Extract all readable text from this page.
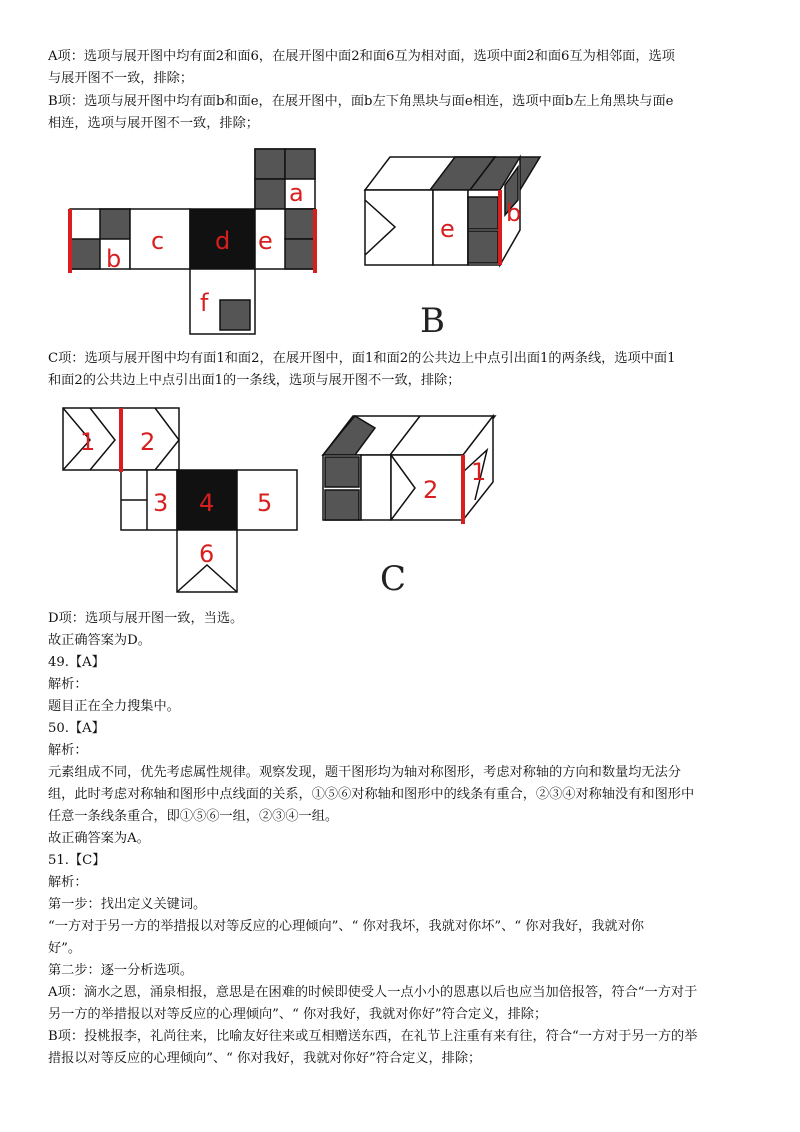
A项：选项与展开图中均有面2和面6，在展开图中面2和面6互为相对面，选项中面2和面6互为相邻面，选项
与展开图不一致，排除；
B项：选项与展开图中均有面b和面e，在展开图中，面b左下角黑块与面e相连，选项中面b左上角黑块与面e
相连，选项与展开图不一致，排除；
a
b
c d e
f
e
b
B
C项：选项与展开图中均有面1和面2，在展开图中，面1和面2的公共边上中点引出面1的两条线，选项中面1
和面2的公共边上中点引出面1的一条线，选项与展开图不一致，排除；
1 2
3 4 5
6
2
1
C
D项：选项与展开图一致，当选。
故正确答案为D。
49.【A】
解析：
题目正在全力搜集中。
50.【A】
解析：
元素组成不同，优先考虑属性规律。观察发现，题干图形均为轴对称图形，考虑对称轴的方向和数量均无法分
组，此时考虑对称轴和图形中点线面的关系，①⑤⑥对称轴和图形中的线条有重合，②③④对称轴没有和图形中
任意一条线条重合，即①⑤⑥一组，②③④一组。
故正确答案为A。
51.【C】
解析：
第一步：找出定义关键词。
“一方对于另一方的举措报以对等反应的心理倾向”、“ 你对我坏，我就对你坏”、“ 你对我好，我就对你
好”。
第二步：逐一分析选项。
A项：滴水之恩，涌泉相报，意思是在困难的时候即使受人一点小小的恩惠以后也应当加倍报答，符合“一方对于
另一方的举措报以对等反应的心理倾向”、“ 你对我好，我就对你好”符合定义，排除；
B项：投桃报李，礼尚往来，比喻友好往来或互相赠送东西，在礼节上注重有来有往，符合“一方对于另一方的举
措报以对等反应的心理倾向”、“ 你对我好，我就对你好”符合定义，排除；
